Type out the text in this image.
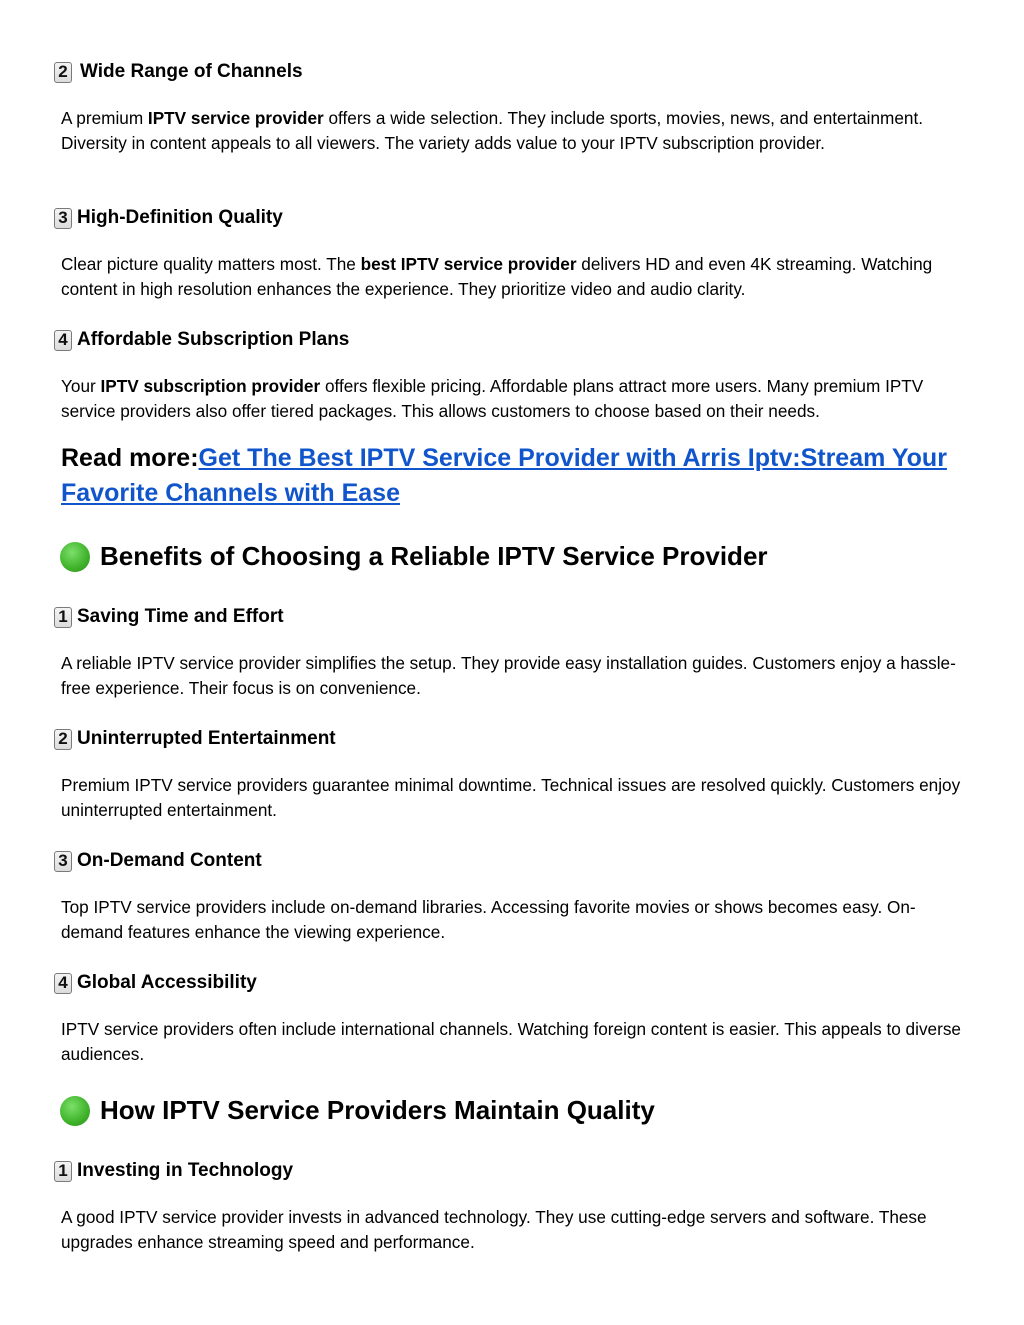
2 Wide Range of Channels
A premium IPTV service provider offers a wide selection. They include sports, movies, news, and entertainment. Diversity in content appeals to all viewers. The variety adds value to your IPTV subscription provider.
3 High-Definition Quality
Clear picture quality matters most. The best IPTV service provider delivers HD and even 4K streaming. Watching content in high resolution enhances the experience. They prioritize video and audio clarity.
4 Affordable Subscription Plans
Your IPTV subscription provider offers flexible pricing. Affordable plans attract more users. Many premium IPTV service providers also offer tiered packages. This allows customers to choose based on their needs.
Read more:Get The Best IPTV Service Provider with Arris Iptv:Stream Your Favorite Channels with Ease
Benefits of Choosing a Reliable IPTV Service Provider
1 Saving Time and Effort
A reliable IPTV service provider simplifies the setup. They provide easy installation guides. Customers enjoy a hassle-free experience. Their focus is on convenience.
2 Uninterrupted Entertainment
Premium IPTV service providers guarantee minimal downtime. Technical issues are resolved quickly. Customers enjoy uninterrupted entertainment.
3 On-Demand Content
Top IPTV service providers include on-demand libraries. Accessing favorite movies or shows becomes easy. On-demand features enhance the viewing experience.
4 Global Accessibility
IPTV service providers often include international channels. Watching foreign content is easier. This appeals to diverse audiences.
How IPTV Service Providers Maintain Quality
1 Investing in Technology
A good IPTV service provider invests in advanced technology. They use cutting-edge servers and software. These upgrades enhance streaming speed and performance.
